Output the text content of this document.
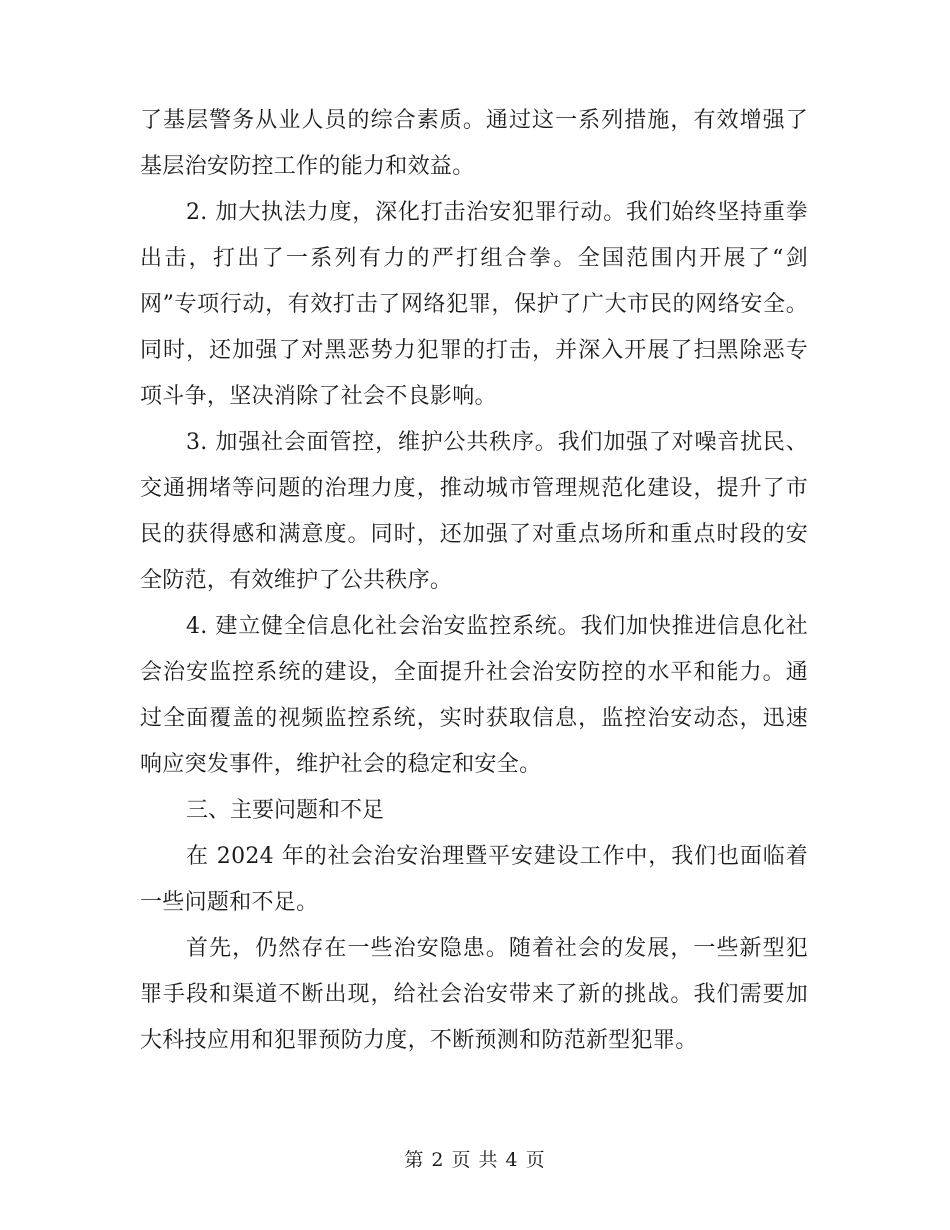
了基层警务从业人员的综合素质。通过这一系列措施，有效增强了基层治安防控工作的能力和效益。

2. 加大执法力度，深化打击治安犯罪行动。我们始终坚持重拳出击，打出了一系列有力的严打组合拳。全国范围内开展了“剑网”专项行动，有效打击了网络犯罪，保护了广大市民的网络安全。同时，还加强了对黑恶势力犯罪的打击，并深入开展了扫黑除恶专项斗争，坚决消除了社会不良影响。

3. 加强社会面管控，维护公共秩序。我们加强了对噪音扰民、交通拥堵等问题的治理力度，推动城市管理规范化建设，提升了市民的获得感和满意度。同时，还加强了对重点场所和重点时段的安全防范，有效维护了公共秩序。

4. 建立健全信息化社会治安监控系统。我们加快推进信息化社会治安监控系统的建设，全面提升社会治安防控的水平和能力。通过全面覆盖的视频监控系统，实时获取信息，监控治安动态，迅速响应突发事件，维护社会的稳定和安全。

三、主要问题和不足

在 2024 年的社会治安治理暨平安建设工作中，我们也面临着一些问题和不足。

首先，仍然存在一些治安隐患。随着社会的发展，一些新型犯罪手段和渠道不断出现，给社会治安带来了新的挑战。我们需要加大科技应用和犯罪预防力度，不断预测和防范新型犯罪。

第 2 页 共 4 页
